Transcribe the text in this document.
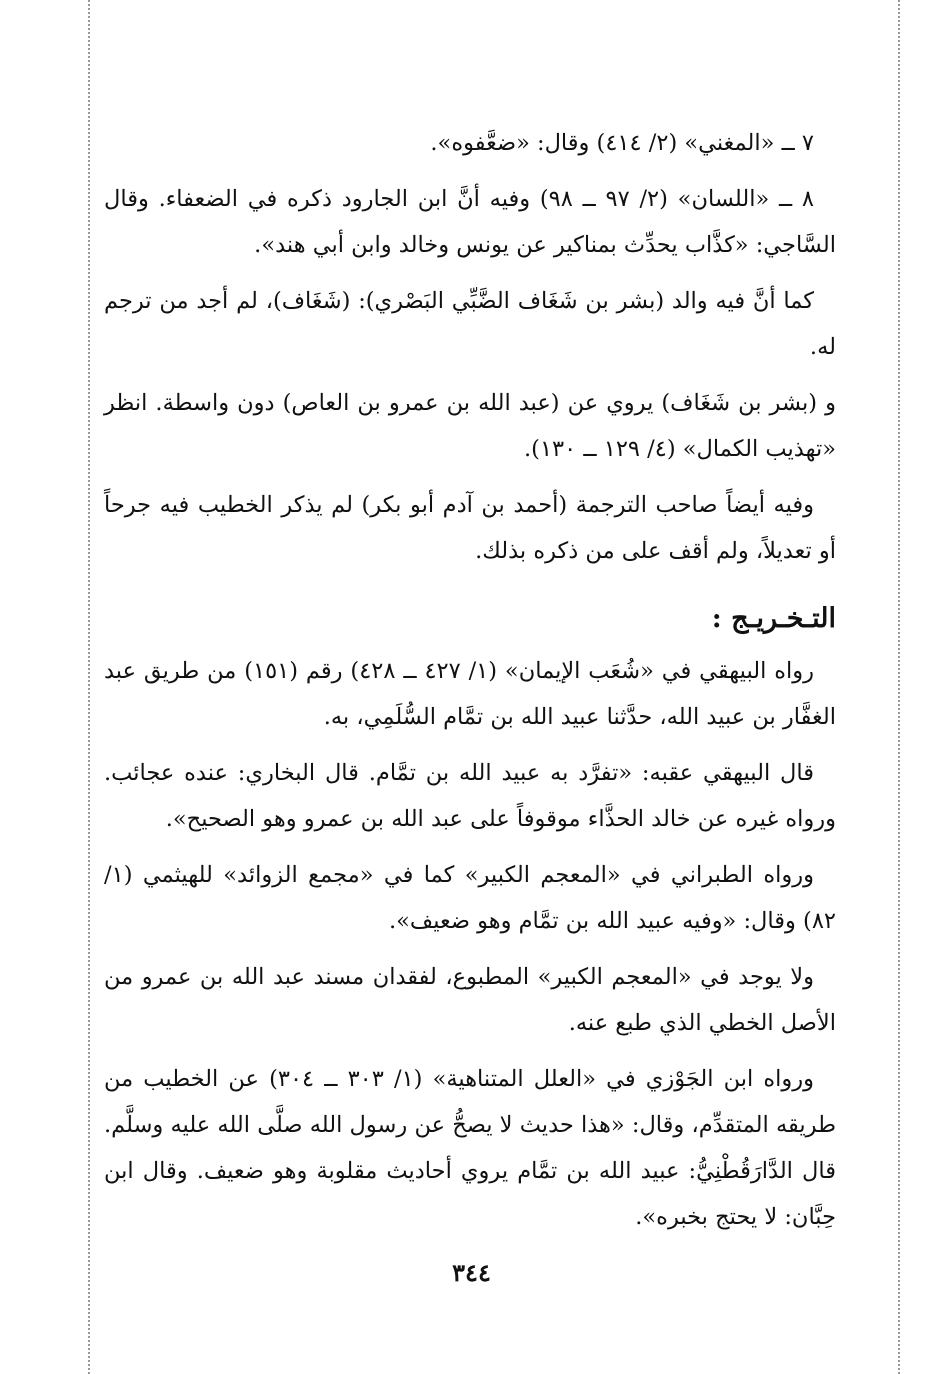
٧ ــ «المغني» (٢/ ٤١٤) وقال: «ضعَّفوه».

٨ ــ «اللسان» (٢/ ٩٧ ــ ٩٨) وفيه أنَّ ابن الجارود ذكره في الضعفاء. وقال السَّاجي: «كذَّاب يحدِّث بمناكير عن يونس وخالد وابن أبي هند».

كما أنَّ فيه والد (بشر بن شَغَاف الضَّبِّي البَصْري): (شَغَاف)، لم أجد من ترجم له.

و (بشر بن شَغَاف) يروي عن (عبد الله بن عمرو بن العاص) دون واسطة. انظر «تهذيب الكمال» (٤/ ١٢٩ ــ ١٣٠).

وفيه أيضاً صاحب الترجمة (أحمد بن آدم أبو بكر) لم يذكر الخطيب فيه جرحاً أو تعديلاً، ولم أقف على من ذكره بذلك.

التـخـريـج :

رواه البيهقي في «شُعَب الإيمان» (١/ ٤٢٧ ــ ٤٢٨) رقم (١٥١) من طريق عبد الغفَّار بن عبيد الله، حدَّثنا عبيد الله بن تمَّام السُّلَمِي، به.

قال البيهقي عقبه: «تفرَّد به عبيد الله بن تمَّام. قال البخاري: عنده عجائب. ورواه غيره عن خالد الحذَّاء موقوفاً على عبد الله بن عمرو وهو الصحيح».

ورواه الطبراني في «المعجم الكبير» كما في «مجمع الزوائد» للهيثمي (١/ ٨٢) وقال: «وفيه عبيد الله بن تمَّام وهو ضعيف».

ولا يوجد في «المعجم الكبير» المطبوع، لفقدان مسند عبد الله بن عمرو من الأصل الخطي الذي طبع عنه.

ورواه ابن الجَوْزي في «العلل المتناهية» (١/ ٣٠٣ ــ ٣٠٤) عن الخطيب من طريقه المتقدِّم، وقال: «هذا حديث لا يصحُّ عن رسول الله صلَّى الله عليه وسلَّم. قال الدَّارَقُطْنِيُّ: عبيد الله بن تمَّام يروي أحاديث مقلوبة وهو ضعيف. وقال ابن حِبَّان: لا يحتج بخبره».

٣٤٤
